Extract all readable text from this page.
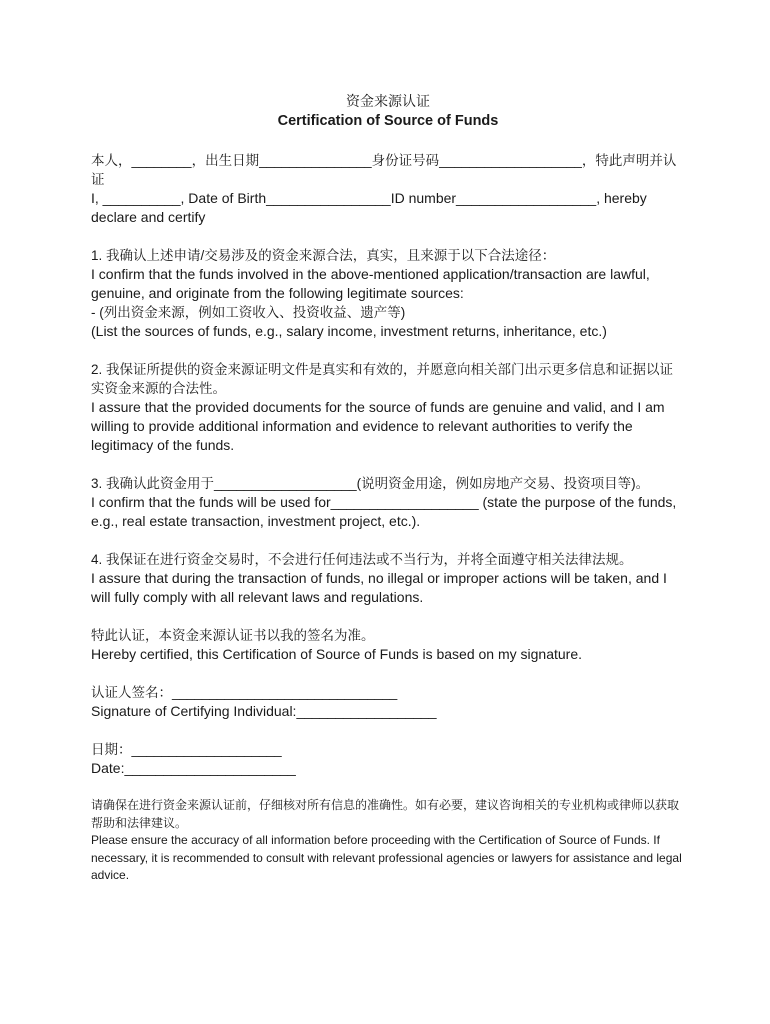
资金来源认证

Certification of Source of Funds

本人，________，出生日期_______________身份证号码___________________，特此声明并认证

I, __________, Date of Birth________________ID number__________________, hereby declare and certify

1. 我确认上述申请/交易涉及的资金来源合法，真实，且来源于以下合法途径：

I confirm that the funds involved in the above-mentioned application/transaction are lawful, genuine, and originate from the following legitimate sources:

- (列出资金来源，例如工资收入、投资收益、遗产等)

(List the sources of funds, e.g., salary income, investment returns, inheritance, etc.)

2. 我保证所提供的资金来源证明文件是真实和有效的，并愿意向相关部门出示更多信息和证据以证实资金来源的合法性。

I assure that the provided documents for the source of funds are genuine and valid, and I am willing to provide additional information and evidence to relevant authorities to verify the legitimacy of the funds.

3. 我确认此资金用于___________________(说明资金用途，例如房地产交易、投资项目等)。

I confirm that the funds will be used for___________________ (state the purpose of the funds, e.g., real estate transaction, investment project, etc.).

4. 我保证在进行资金交易时，不会进行任何违法或不当行为，并将全面遵守相关法律法规。

I assure that during the transaction of funds, no illegal or improper actions will be taken, and I will fully comply with all relevant laws and regulations.

特此认证，本资金来源认证书以我的签名为准。

Hereby certified, this Certification of Source of Funds is based on my signature.

认证人签名：______________________________

Signature of Certifying Individual:__________________

日期：____________________

Date:______________________

请确保在进行资金来源认证前，仔细核对所有信息的准确性。如有必要，建议咨询相关的专业机构或律师以获取帮助和法律建议。

Please ensure the accuracy of all information before proceeding with the Certification of Source of Funds. If necessary, it is recommended to consult with relevant professional agencies or lawyers for assistance and legal advice.
